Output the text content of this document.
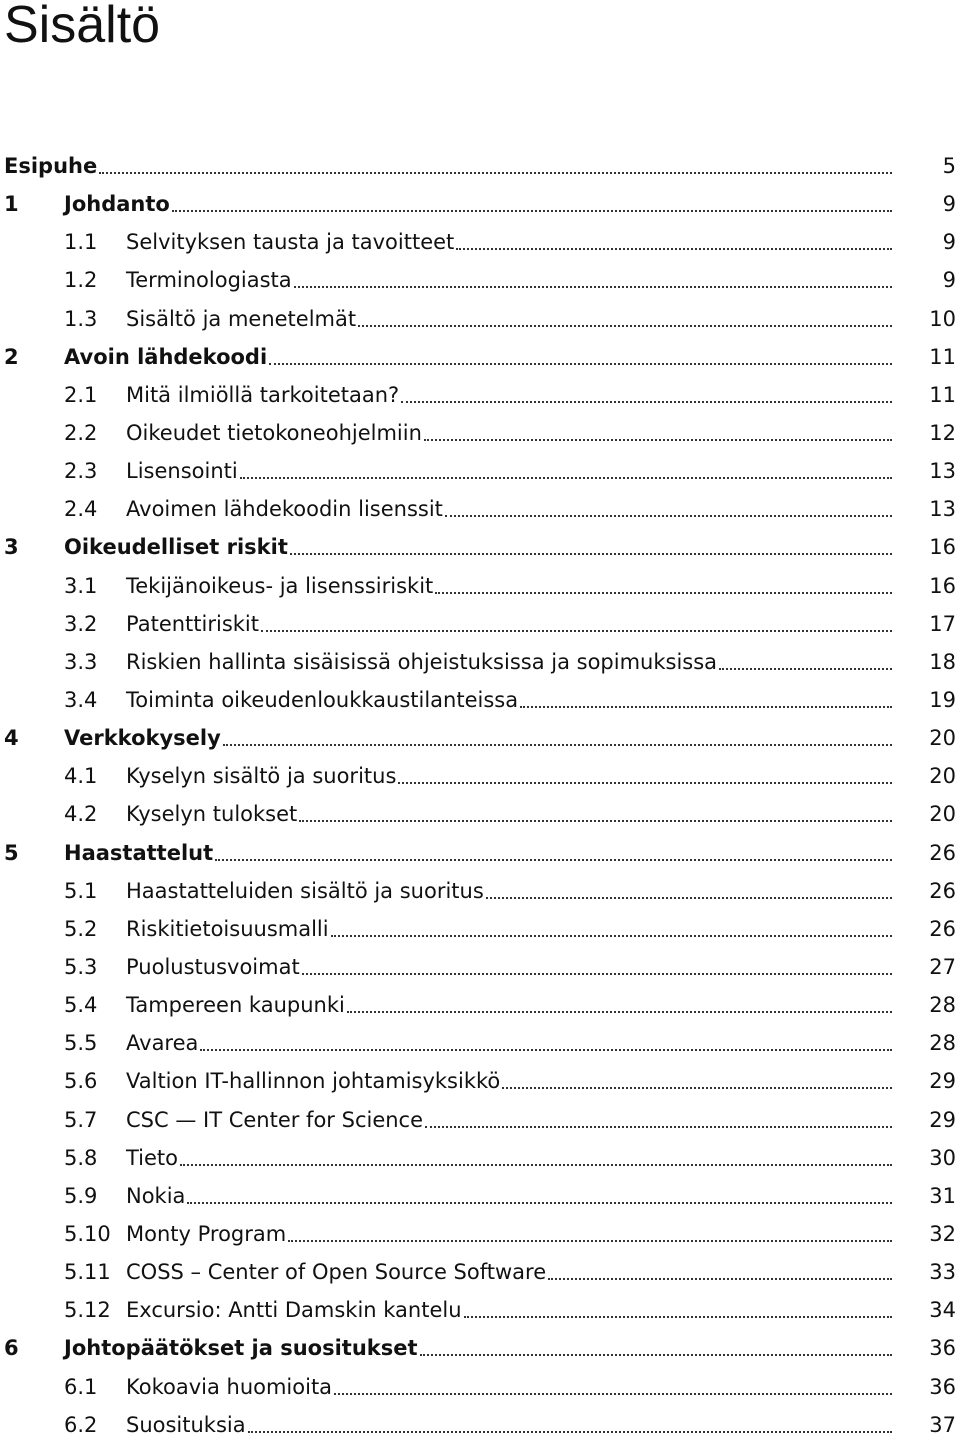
Sisältö
Esipuhe	5
1 Johdanto	9
1.1 Selvityksen tausta ja tavoitteet	9
1.2 Terminologiasta	9
1.3 Sisältö ja menetelmät	10
2 Avoin lähdekoodi	11
2.1 Mitä ilmiöllä tarkoitetaan?	11
2.2 Oikeudet tietokoneohjelmiin	12
2.3 Lisensointi	13
2.4 Avoimen lähdekoodin lisenssit	13
3 Oikeudelliset riskit	16
3.1 Tekijänoikeus- ja lisenssiriskit	16
3.2 Patenttiriskit	17
3.3 Riskien hallinta sisäisissä ohjeistuksissa ja sopimuksissa	18
3.4 Toiminta oikeudenloukkaustilanteissa	19
4 Verkkokysely	20
4.1 Kyselyn sisältö ja suoritus	20
4.2 Kyselyn tulokset	20
5 Haastattelut	26
5.1 Haastatteluiden sisältö ja suoritus	26
5.2 Riskitietoisuusmalli	26
5.3 Puolustusvoimat	27
5.4 Tampereen kaupunki	28
5.5 Avarea	28
5.6 Valtion IT-hallinnon johtamisyksikkö	29
5.7 CSC — IT Center for Science	29
5.8 Tieto	30
5.9 Nokia	31
5.10 Monty Program	32
5.11 COSS – Center of Open Source Software	33
5.12 Excursio: Antti Damskin kantelu	34
6 Johtopäätökset ja suositukset	36
6.1 Kokoavia huomioita	36
6.2 Suosituksia	37
